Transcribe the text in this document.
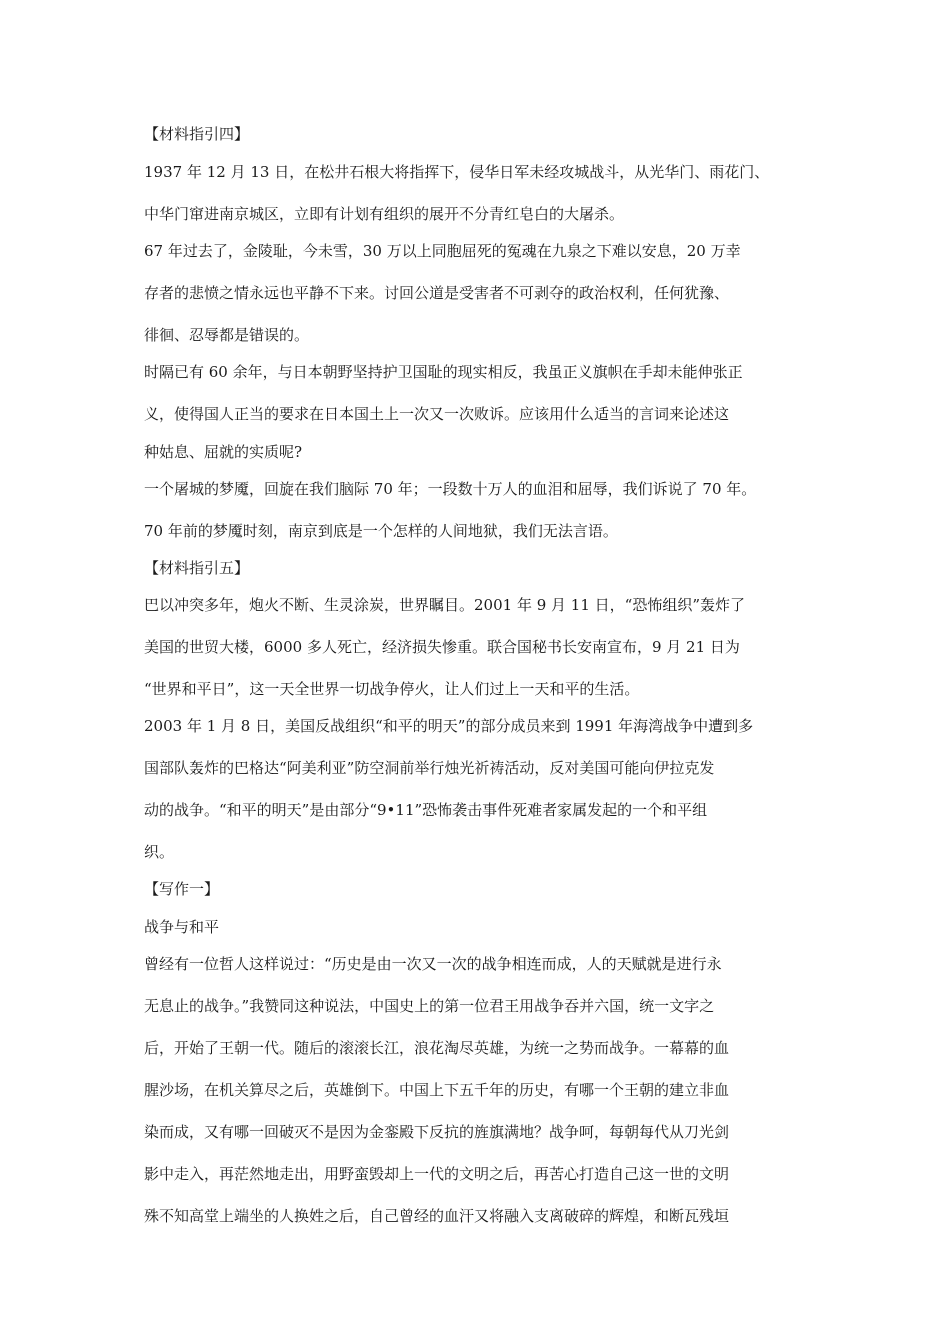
【材料指引四】
1937 年 12 月 13 日，在松井石根大将指挥下，侵华日军未经攻城战斗，从光华门、雨花门、
中华门窜进南京城区，立即有计划有组织的展开不分青红皂白的大屠杀。
67 年过去了，金陵耻，今未雪，30 万以上同胞屈死的冤魂在九泉之下难以安息，20 万幸
存者的悲愤之情永远也平静不下来。讨回公道是受害者不可剥夺的政治权利，任何犹豫、
徘徊、忍辱都是错误的。
时隔已有 60 余年，与日本朝野坚持护卫国耻的现实相反，我虽正义旗帜在手却未能伸张正
义，使得国人正当的要求在日本国土上一次又一次败诉。应该用什么适当的言词来论述这
种姑息、屈就的实质呢?
一个屠城的梦魇，回旋在我们脑际 70 年；一段数十万人的血泪和屈辱，我们诉说了 70 年。
70 年前的梦魇时刻，南京到底是一个怎样的人间地狱，我们无法言语。
【材料指引五】
巴以冲突多年，炮火不断、生灵涂炭，世界瞩目。2001 年 9 月 11 日，“恐怖组织”轰炸了
美国的世贸大楼，6000 多人死亡，经济损失惨重。联合国秘书长安南宣布，9 月 21 日为
“世界和平日”，这一天全世界一切战争停火，让人们过上一天和平的生活。
2003 年 1 月 8 日，美国反战组织“和平的明天”的部分成员来到 1991 年海湾战争中遭到多
国部队轰炸的巴格达“阿美利亚”防空洞前举行烛光祈祷活动，反对美国可能向伊拉克发
动的战争。“和平的明天”是由部分“9•11”恐怖袭击事件死难者家属发起的一个和平组
织。
【写作一】
战争与和平
曾经有一位哲人这样说过：“历史是由一次又一次的战争相连而成，人的天赋就是进行永
无息止的战争。”我赞同这种说法，中国史上的第一位君王用战争吞并六国，统一文字之
后，开始了王朝一代。随后的滚滚长江，浪花淘尽英雄，为统一之势而战争。一幕幕的血
腥沙场，在机关算尽之后，英雄倒下。中国上下五千年的历史，有哪一个王朝的建立非血
染而成，又有哪一回破灭不是因为金銮殿下反抗的旌旗满地？战争呵，每朝每代从刀光剑
影中走入，再茫然地走出，用野蛮毁却上一代的文明之后，再苦心打造自己这一世的文明
殊不知高堂上端坐的人换姓之后，自己曾经的血汗又将融入支离破碎的辉煌，和断瓦残垣
